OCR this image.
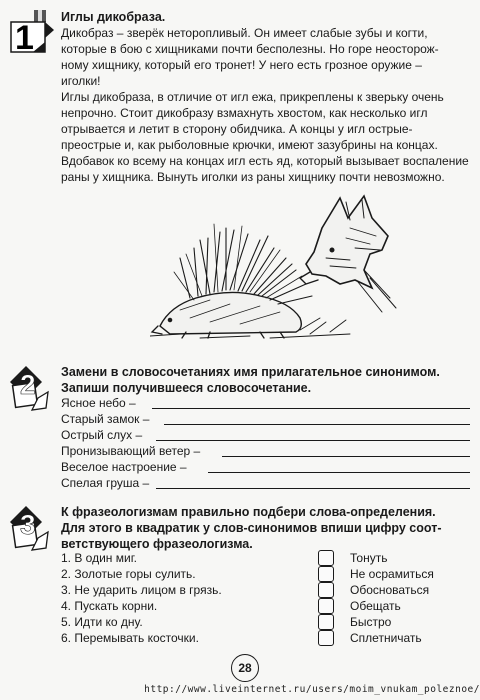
1
Иглы дикобраза.
Дикобраз – зверёк неторопливый. Он имеет слабые зубы и когти,
которые в бою с хищниками почти бесполезны. Но горе неосторож-
ному хищнику, который его тронет! У него есть грозное оружие –
иголки!
Иглы дикобраза, в отличие от игл ежа, прикреплены к зверьку очень
непрочно. Стоит дикобразу взмахнуть хвостом, как несколько игл
отрывается и летит в сторону обидчика. А концы у игл острые-
преострые и, как рыболовные крючки, имеют зазубрины на концах.
Вдобавок ко всему на концах игл есть яд, который вызывает воспаление
раны у хищника. Вынуть иголки из раны хищнику почти невозможно.
2 Замени в словосочетаниях имя прилагательное синонимом.
Запиши получившееся словосочетание.
Ясное небо –
Старый замок –
Острый слух –
Пронизывающий ветер –
Веселое настроение –
Спелая груша –
3 К фразеологизмам правильно подбери слова-определения.
Для этого в квадратик у слов-синонимов впиши цифру соот-
ветствующего фразеологизма.
1. В один миг.
2. Золотые горы сулить.
3. Не ударить лицом в грязь.
4. Пускать корни.
5. Идти ко дну.
6. Перемывать косточки.
Тонуть
Не осрамиться
Обосноваться
Обещать
Быстро
Сплетничать
28
http://www.liveinternet.ru/users/moim_vnukam_poleznoe/
